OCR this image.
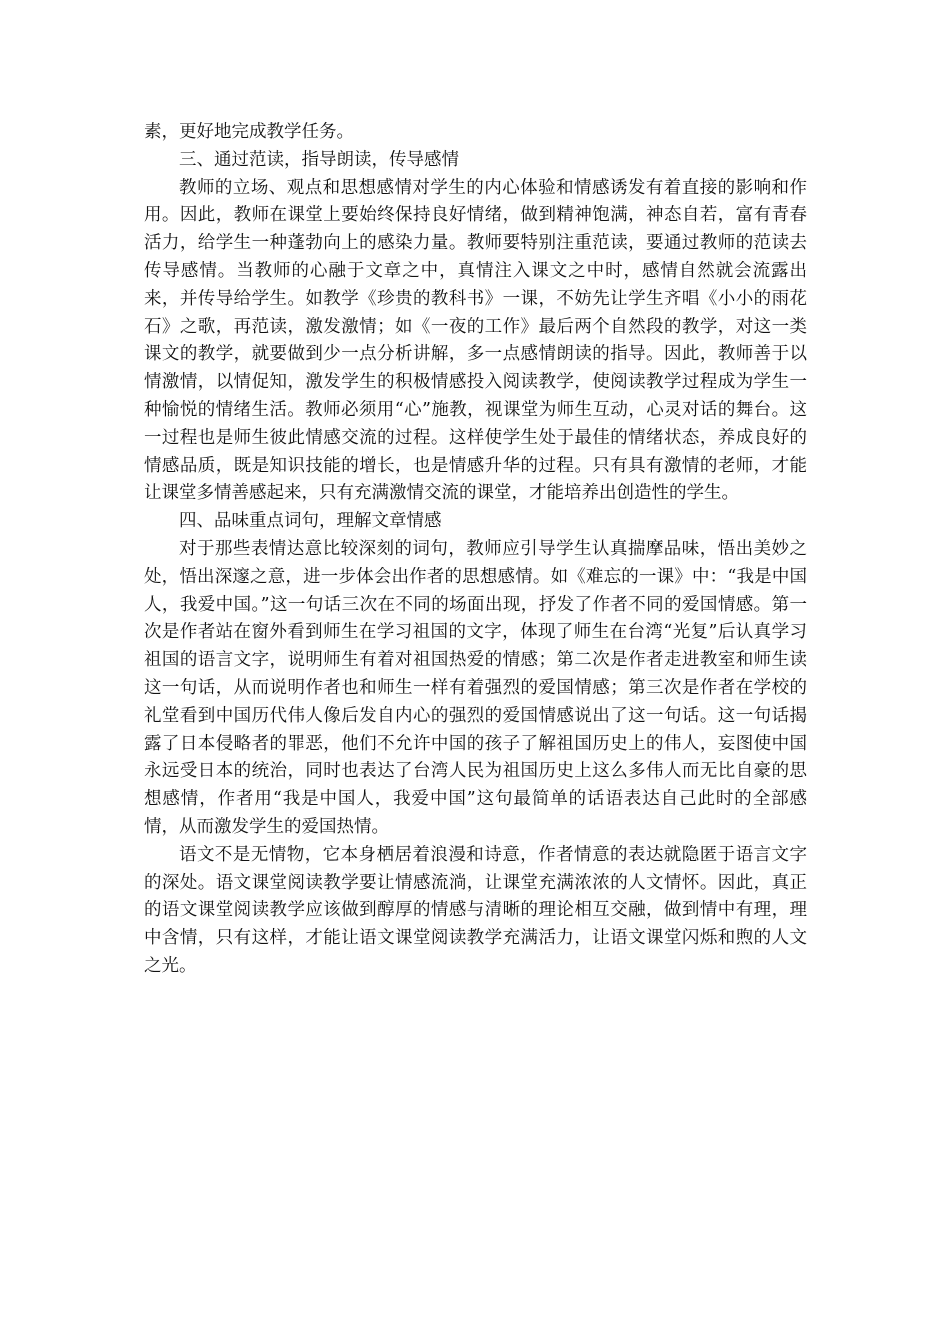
素，更好地完成教学任务。

三、通过范读，指导朗读，传导感情

教师的立场、观点和思想感情对学生的内心体验和情感诱发有着直接的影响和作用。因此，教师在课堂上要始终保持良好情绪，做到精神饱满，神态自若，富有青春活力，给学生一种蓬勃向上的感染力量。教师要特别注重范读，要通过教师的范读去传导感情。当教师的心融于文章之中，真情注入课文之中时，感情自然就会流露出来，并传导给学生。如教学《珍贵的教科书》一课，不妨先让学生齐唱《小小的雨花石》之歌，再范读，激发激情；如《一夜的工作》最后两个自然段的教学，对这一类课文的教学，就要做到少一点分析讲解，多一点感情朗读的指导。因此，教师善于以情激情，以情促知，激发学生的积极情感投入阅读教学，使阅读教学过程成为学生一种愉悦的情绪生活。教师必须用“心”施教，视课堂为师生互动，心灵对话的舞台。这一过程也是师生彼此情感交流的过程。这样使学生处于最佳的情绪状态，养成良好的情感品质，既是知识技能的增长，也是情感升华的过程。只有具有激情的老师，才能让课堂多情善感起来，只有充满激情交流的课堂，才能培养出创造性的学生。

四、品味重点词句，理解文章情感

对于那些表情达意比较深刻的词句，教师应引导学生认真揣摩品味，悟出美妙之处，悟出深邃之意，进一步体会出作者的思想感情。如《难忘的一课》中：“我是中国人，我爱中国。”这一句话三次在不同的场面出现，抒发了作者不同的爱国情感。第一次是作者站在窗外看到师生在学习祖国的文字，体现了师生在台湾“光复”后认真学习祖国的语言文字，说明师生有着对祖国热爱的情感；第二次是作者走进教室和师生读这一句话，从而说明作者也和师生一样有着强烈的爱国情感；第三次是作者在学校的礼堂看到中国历代伟人像后发自内心的强烈的爱国情感说出了这一句话。这一句话揭露了日本侵略者的罪恶，他们不允许中国的孩子了解祖国历史上的伟人，妄图使中国永远受日本的统治，同时也表达了台湾人民为祖国历史上这么多伟人而无比自豪的思想感情，作者用“我是中国人，我爱中国”这句最简单的话语表达自己此时的全部感情，从而激发学生的爱国热情。

语文不是无情物，它本身栖居着浪漫和诗意，作者情意的表达就隐匿于语言文字的深处。语文课堂阅读教学要让情感流淌，让课堂充满浓浓的人文情怀。因此，真正的语文课堂阅读教学应该做到醇厚的情感与清晰的理论相互交融，做到情中有理，理中含情，只有这样，才能让语文课堂阅读教学充满活力，让语文课堂闪烁和煦的人文之光。
